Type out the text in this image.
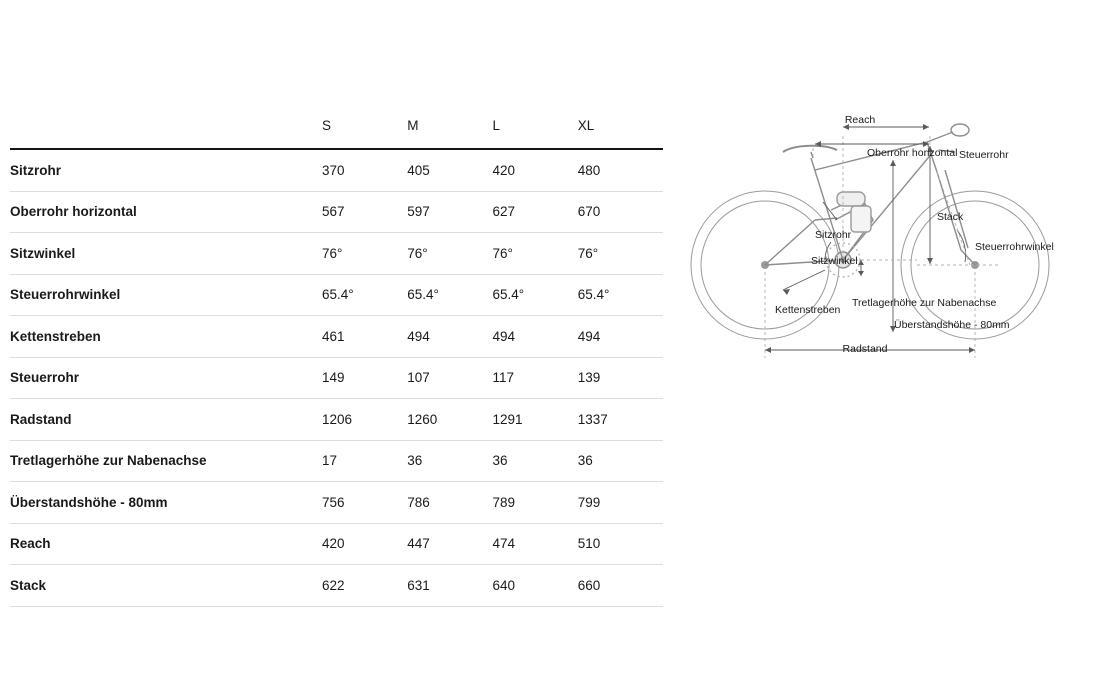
	S	M	L	XL
Sitzrohr	370	405	420	480
Oberrohr horizontal	567	597	627	670
Sitzwinkel	76°	76°	76°	76°
Steuerrohrwinkel	65.4°	65.4°	65.4°	65.4°
Kettenstreben	461	494	494	494
Steuerrohr	149	107	117	139
Radstand	1206	1260	1291	1337
Tretlagerhöhe zur Nabenachse	17	36	36	36
Überstandshöhe - 80mm	756	786	789	799
Reach	420	447	474	510
Stack	622	631	640	660
Reach
Oberrohr horizontal Steuerrohr
Stack
Steuerrohrwinkel
Sitzrohr
Sitzwinkel
Kettenstreben
Tretlagerhöhe zur Nabenachse
Überstandshöhe - 80mm
Radstand
